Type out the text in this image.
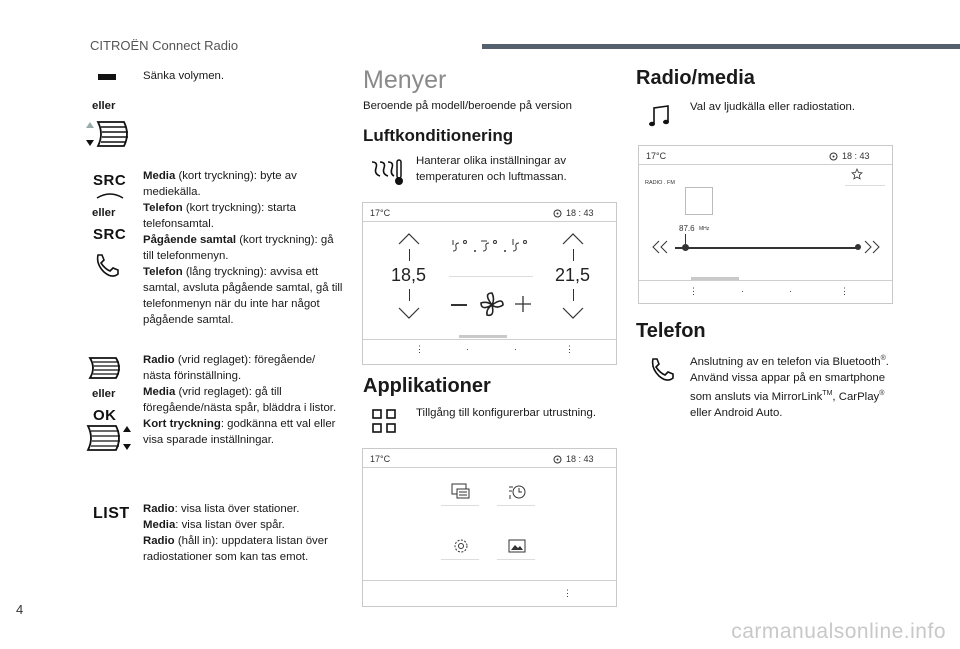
CITROËN Connect Radio
Sänka volymen.
eller
SRC
eller
SRC
Media (kort tryckning): byte av mediekälla.
Telefon (kort tryckning): starta telefonsamtal.
Pågående samtal (kort tryckning): gå till telefonmenyn.
Telefon (lång tryckning): avvisa ett samtal, avsluta pågående samtal, gå till telefonmenyn när du inte har något pågående samtal.
eller
OK
Radio (vrid reglaget): föregående/ nästa förinställning.
Media (vrid reglaget): gå till föregående/nästa spår, bläddra i listor.
Kort tryckning: godkänna ett val eller visa sparade inställningar.
LIST Radio: visa lista över stationer.
Media: visa listan över spår.
Radio (håll in): uppdatera listan över radiostationer som kan tas emot.
Menyer
Beroende på modell/beroende på version
Luftkonditionering
Hanterar olika inställningar av temperaturen och luftmassan.
17°C	18 : 43
18,5	21,5
⋮	·	·	⋮
Applikationer
Tillgång till konfigurerbar utrustning.
17°C	18 : 43
⋮
Radio/media
Val av ljudkälla eller radiostation.
17°C	18 : 43
RADIO . FM
87.6 MHz
⋮	·	·	⋮
Telefon
Anslutning av en telefon via Bluetooth®.
Använd vissa appar på en smartphone som ansluts via MirrorLink™, CarPlay® eller Android Auto.
4
carmanualsonline.info
